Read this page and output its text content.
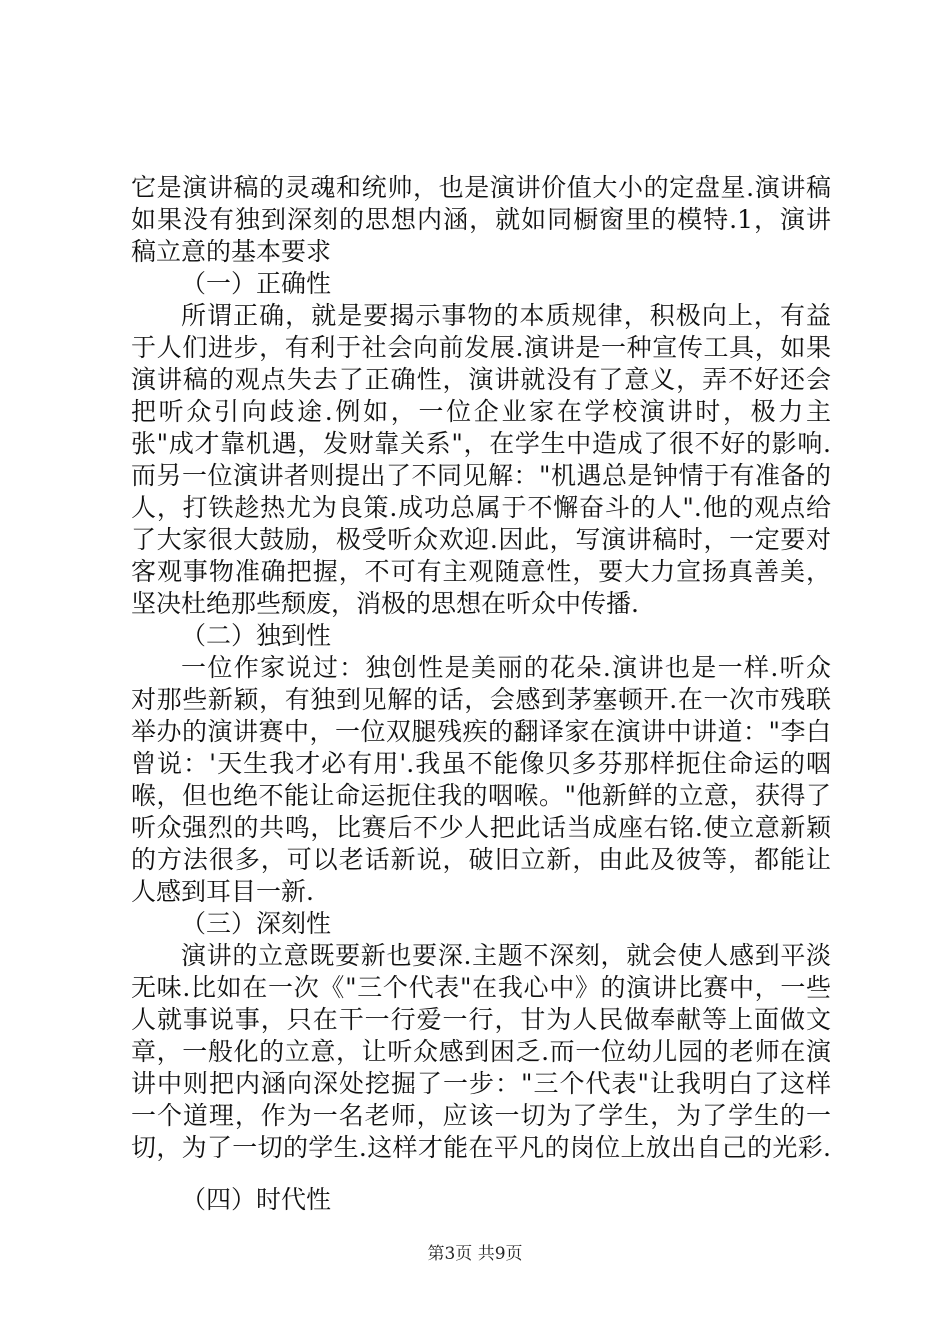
它是演讲稿的灵魂和统帅，也是演讲价值大小的定盘星.演讲稿
如果没有独到深刻的思想内涵，就如同橱窗里的模特.1，演讲
稿立意的基本要求
（一）正确性
所谓正确，就是要揭示事物的本质规律，积极向上，有益
于人们进步，有利于社会向前发展.演讲是一种宣传工具，如果
演讲稿的观点失去了正确性，演讲就没有了意义，弄不好还会
把听众引向歧途.例如，一位企业家在学校演讲时，极力主
张"成才靠机遇，发财靠关系"，在学生中造成了很不好的影响.
而另一位演讲者则提出了不同见解："机遇总是钟情于有准备的
人，打铁趁热尤为良策.成功总属于不懈奋斗的人".他的观点给
了大家很大鼓励，极受听众欢迎.因此，写演讲稿时，一定要对
客观事物准确把握，不可有主观随意性，要大力宣扬真善美，
坚决杜绝那些颓废，消极的思想在听众中传播.
（二）独到性
一位作家说过：独创性是美丽的花朵.演讲也是一样.听众
对那些新颖，有独到见解的话，会感到茅塞顿开.在一次市残联
举办的演讲赛中，一位双腿残疾的翻译家在演讲中讲道："李白
曾说：'天生我才必有用'.我虽不能像贝多芬那样扼住命运的咽
喉，但也绝不能让命运扼住我的咽喉。"他新鲜的立意，获得了
听众强烈的共鸣，比赛后不少人把此话当成座右铭.使立意新颖
的方法很多，可以老话新说，破旧立新，由此及彼等，都能让
人感到耳目一新.
（三）深刻性
演讲的立意既要新也要深.主题不深刻，就会使人感到平淡
无味.比如在一次《"三个代表"在我心中》的演讲比赛中，一些
人就事说事，只在干一行爱一行，甘为人民做奉献等上面做文
章，一般化的立意，让听众感到困乏.而一位幼儿园的老师在演
讲中则把内涵向深处挖掘了一步："三个代表"让我明白了这样
一个道理，作为一名老师，应该一切为了学生，为了学生的一
切，为了一切的学生.这样才能在平凡的岗位上放出自己的光彩.
（四）时代性
第3页 共9页
